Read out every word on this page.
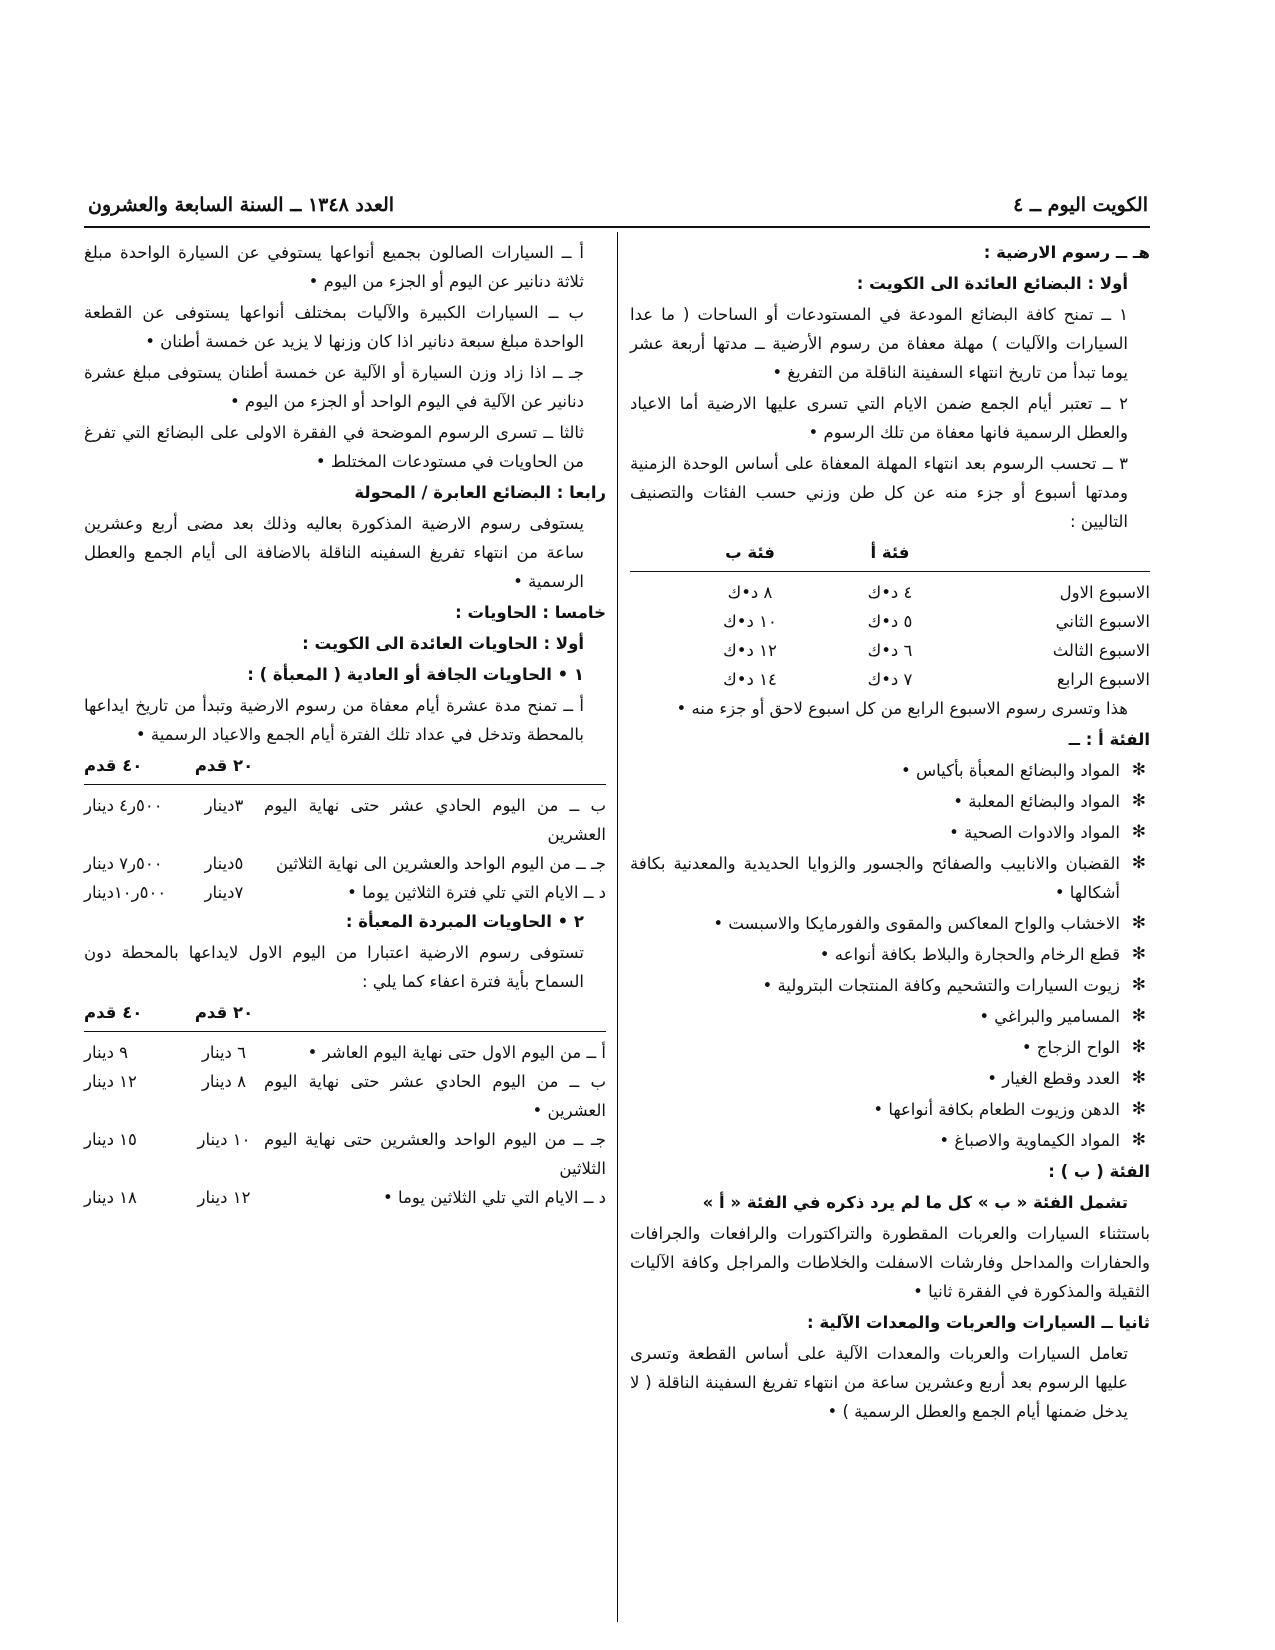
الكويت اليوم ــ ٤
العدد ١٣٤٨ ــ السنة السابعة والعشرون

هـ ــ رسوم الارضية :

أولا : البضائع العائدة الى الكويت :

١ ــ تمنح كافة البضائع المودعة في المستودعات أو الساحات ( ما عدا السيارات والآليات ) مهلة معفاة من رسوم الأرضية ــ مدتها أربعة عشر يوما تبدأ من تاريخ انتهاء السفينة الناقلة من التفريغ •

٢ ــ تعتبر أيام الجمع ضمن الايام التي تسرى عليها الارضية أما الاعياد والعطل الرسمية فانها معفاة من تلك الرسوم •

٣ ــ تحسب الرسوم بعد انتهاء المهلة المعفاة على أساس الوحدة الزمنية ومدتها أسبوع أو جزء منه عن كل طن وزني حسب الفئات والتصنيف التاليين :

فئة أ
فئة ب
الاسبوع الاول
٤ د•ك
٨ د•ك
الاسبوع الثاني
٥ د•ك
١٠ د•ك
الاسبوع الثالث
٦ د•ك
١٢ د•ك
الاسبوع الرابع
٧ د•ك
١٤ د•ك

هذا وتسرى رسوم الاسبوع الرابع من كل اسبوع لاحق أو جزء منه •

الفئة أ : ــ

✻ المواد والبضائع المعبأة بأكياس •

✻ المواد والبضائع المعلبة •

✻ المواد والادوات الصحية •

✻ القضبان والانابيب والصفائح والجسور والزوايا الحديدية والمعدنية بكافة أشكالها •

✻ الاخشاب والواح المعاكس والمقوى والفورمايكا والاسبست •

✻ قطع الرخام والحجارة والبلاط بكافة أنواعه •

✻ زيوت السيارات والتشحيم وكافة المنتجات البترولية •

✻ المسامير والبراغي •

✻ الواح الزجاج •

✻ العدد وقطع الغيار •

✻ الدهن وزيوت الطعام بكافة أنواعها •

✻ المواد الكيماوية والاصباغ •

الفئة ( ب ) :

تشمل الفئة « ب » كل ما لم يرد ذكره في الفئة « أ »

باستثناء السيارات والعربات المقطورة والتراكتورات والرافعات والجرافات والحفارات والمداحل وفارشات الاسفلت والخلاطات والمراجل وكافة الآليات الثقيلة والمذكورة في الفقرة ثانيا •

ثانيا ــ السيارات والعربات والمعدات الآلية :

تعامل السيارات والعربات والمعدات الآلية على أساس القطعة وتسرى عليها الرسوم بعد أربع وعشرين ساعة من انتهاء تفريغ السفينة الناقلة ( لا يدخل ضمنها أيام الجمع والعطل الرسمية ) •

أ ــ السيارات الصالون بجميع أنواعها يستوفي عن السيارة الواحدة مبلغ ثلاثة دنانير عن اليوم أو الجزء من اليوم •

ب ــ السيارات الكبيرة والآليات بمختلف أنواعها يستوفى عن القطعة الواحدة مبلغ سبعة دنانير اذا كان وزنها لا يزيد عن خمسة أطنان •

جـ ــ اذا زاد وزن السيارة أو الآلية عن خمسة أطنان يستوفى مبلغ عشرة دنانير عن الآلية في اليوم الواحد أو الجزء من اليوم •

ثالثا ــ تسرى الرسوم الموضحة في الفقرة الاولى على البضائع التي تفرغ من الحاويات في مستودعات المختلط •

رابعا : البضائع العابرة / المحولة

يستوفى رسوم الارضية المذكورة بعاليه وذلك بعد مضى أربع وعشرين ساعة من انتهاء تفريغ السفينه الناقلة بالاضافة الى أيام الجمع والعطل الرسمية •

خامسا : الحاويات :

أولا : الحاويات العائدة الى الكويت :

١ • الحاويات الجافة أو العادية ( المعبأة ) :

أ ــ تمنح مدة عشرة أيام معفاة من رسوم الارضية وتبدأ من تاريخ ايداعها بالمحطة وتدخل في عداد تلك الفترة أيام الجمع والاعياد الرسمية •

٢٠ قدم
٤٠ قدم
ب ــ من اليوم الحادي عشر حتى نهاية اليوم العشرين
٣دينار
٥٠٠ر٤ دينار
جـ ــ من اليوم الواحد والعشرين الى نهاية الثلاثين
٥دينار
٥٠٠ر٧ دينار
د ــ الايام التي تلي فترة الثلاثين يوما •
٧دينار
٥٠٠ر١٠دينار

٢ • الحاويات المبردة المعبأة :

تستوفى رسوم الارضية اعتبارا من اليوم الاول لايداعها بالمحطة دون السماح بأية فترة اعفاء كما يلي :

٢٠ قدم
٤٠ قدم
أ ــ من اليوم الاول حتى نهاية اليوم العاشر •
٦ دينار
٩ دينار
ب ــ من اليوم الحادي عشر حتى نهاية اليوم العشرين •
٨ دينار
١٢ دينار
جـ ــ من اليوم الواحد والعشرين حتى نهاية اليوم الثلاثين
١٠ دينار
١٥ دينار
د ــ الايام التي تلي الثلاثين يوما •
١٢ دينار
١٨ دينار
